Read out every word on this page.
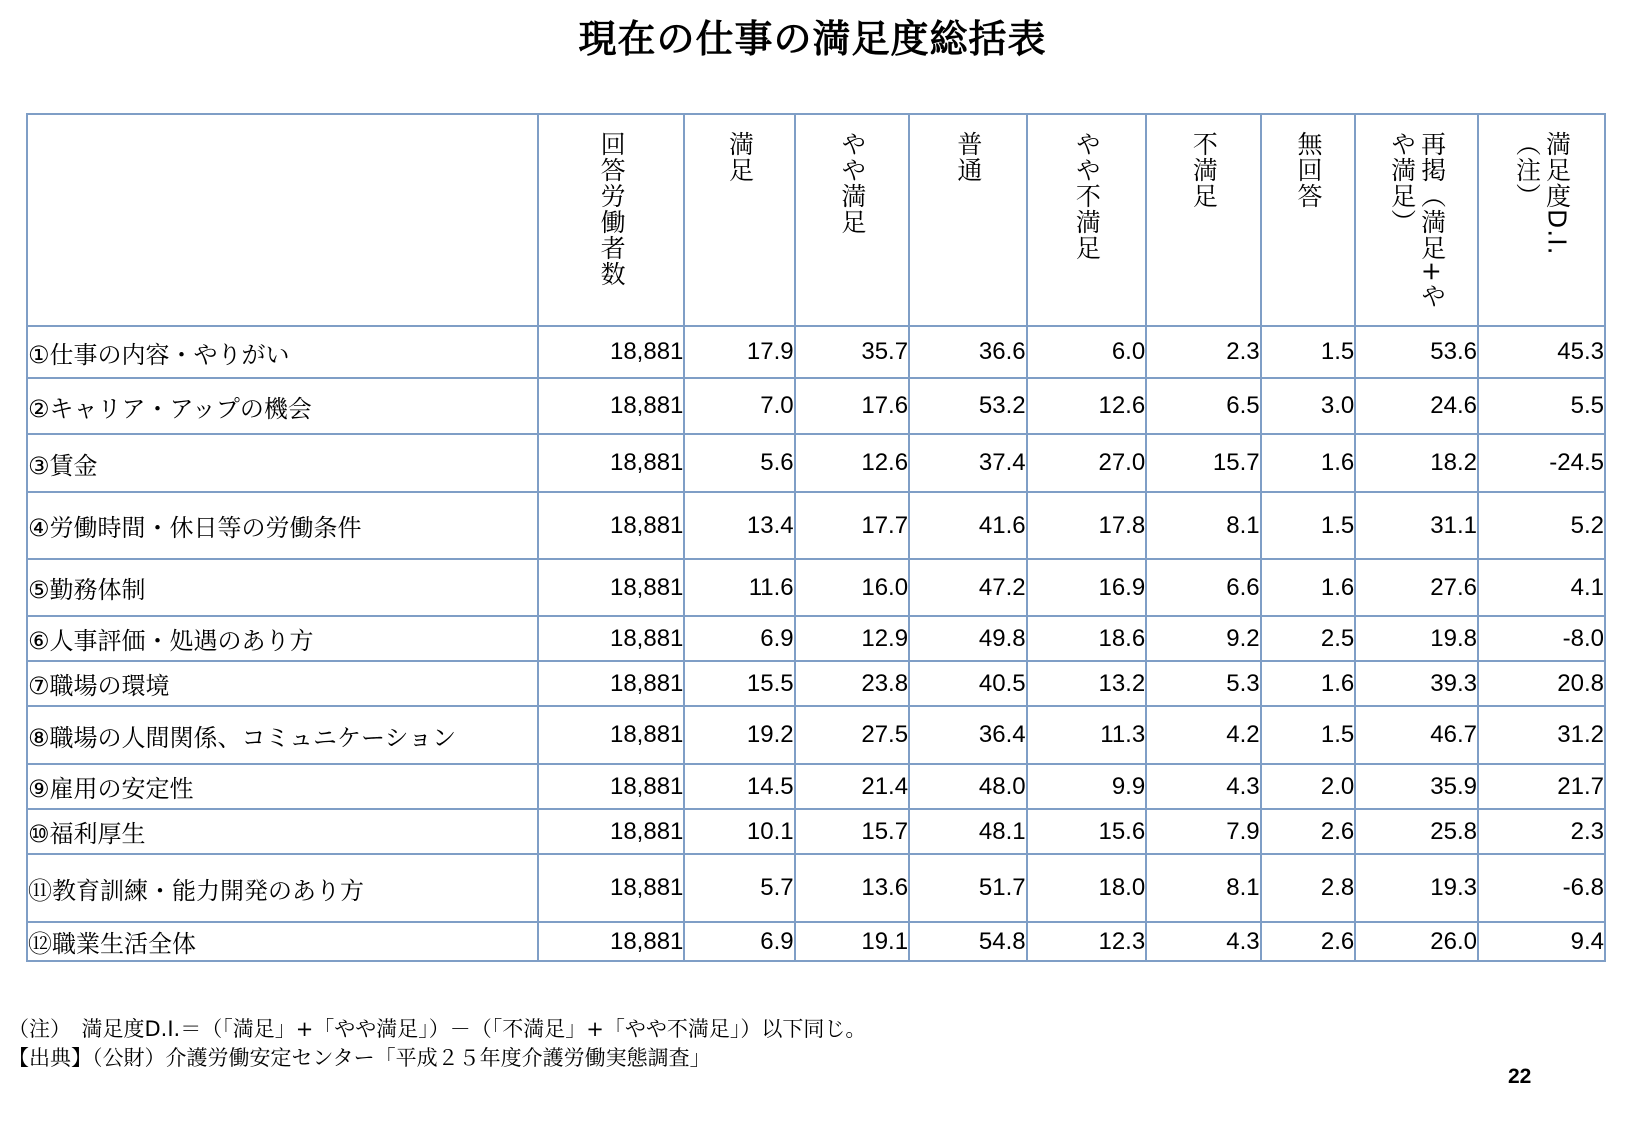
現在の仕事の満足度総括表
	回答労働者数	満足	やや満足	普通	やや不満足	不満足	無回答	再掲（満足+やや満足）	満足度D.I.（注）
①仕事の内容・やりがい	18,881	17.9	35.7	36.6	6.0	2.3	1.5	53.6	45.3
②キャリア・アップの機会	18,881	7.0	17.6	53.2	12.6	6.5	3.0	24.6	5.5
③賃金	18,881	5.6	12.6	37.4	27.0	15.7	1.6	18.2	-24.5
④労働時間・休日等の労働条件	18,881	13.4	17.7	41.6	17.8	8.1	1.5	31.1	5.2
⑤勤務体制	18,881	11.6	16.0	47.2	16.9	6.6	1.6	27.6	4.1
⑥人事評価・処遇のあり方	18,881	6.9	12.9	49.8	18.6	9.2	2.5	19.8	-8.0
⑦職場の環境	18,881	15.5	23.8	40.5	13.2	5.3	1.6	39.3	20.8
⑧職場の人間関係、コミュニケーション	18,881	19.2	27.5	36.4	11.3	4.2	1.5	46.7	31.2
⑨雇用の安定性	18,881	14.5	21.4	48.0	9.9	4.3	2.0	35.9	21.7
⑩福利厚生	18,881	10.1	15.7	48.1	15.6	7.9	2.6	25.8	2.3
⑪教育訓練・能力開発のあり方	18,881	5.7	13.6	51.7	18.0	8.1	2.8	19.3	-6.8
⑫職業生活全体	18,881	6.9	19.1	54.8	12.3	4.3	2.6	26.0	9.4
（注）　満足度D.I.＝（「満足」+「やや満足」）－（「不満足」+「やや不満足」）以下同じ。
【出典】（公財）介護労働安定センター「平成２５年度介護労働実態調査」
22
